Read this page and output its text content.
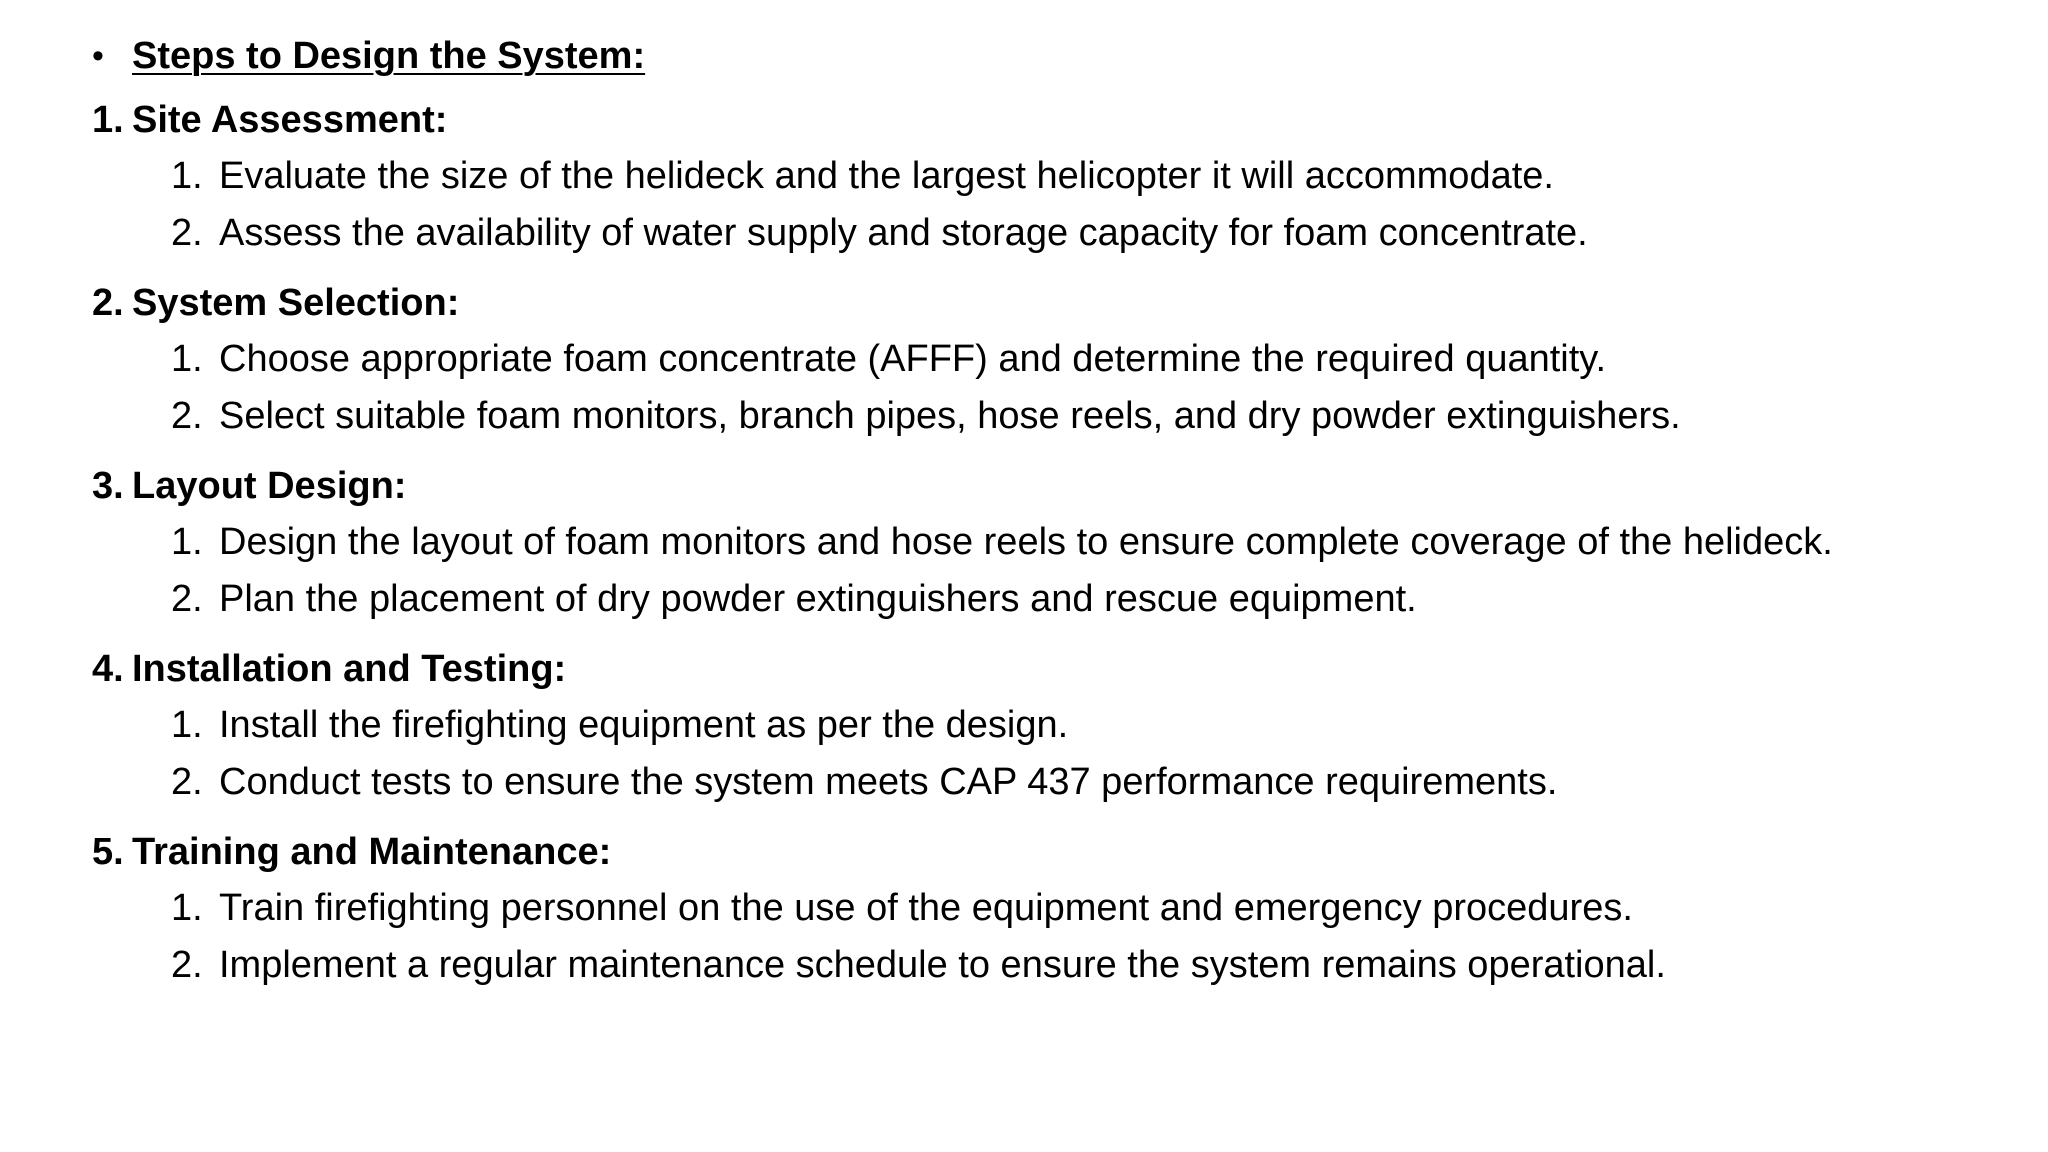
• Steps to Design the System:
1. Site Assessment:
1. Evaluate the size of the helideck and the largest helicopter it will accommodate.
2. Assess the availability of water supply and storage capacity for foam concentrate.
2. System Selection:
1. Choose appropriate foam concentrate (AFFF) and determine the required quantity.
2. Select suitable foam monitors, branch pipes, hose reels, and dry powder extinguishers.
3. Layout Design:
1. Design the layout of foam monitors and hose reels to ensure complete coverage of the helideck.
2. Plan the placement of dry powder extinguishers and rescue equipment.
4. Installation and Testing:
1. Install the firefighting equipment as per the design.
2. Conduct tests to ensure the system meets CAP 437 performance requirements.
5. Training and Maintenance:
1. Train firefighting personnel on the use of the equipment and emergency procedures.
2. Implement a regular maintenance schedule to ensure the system remains operational.
